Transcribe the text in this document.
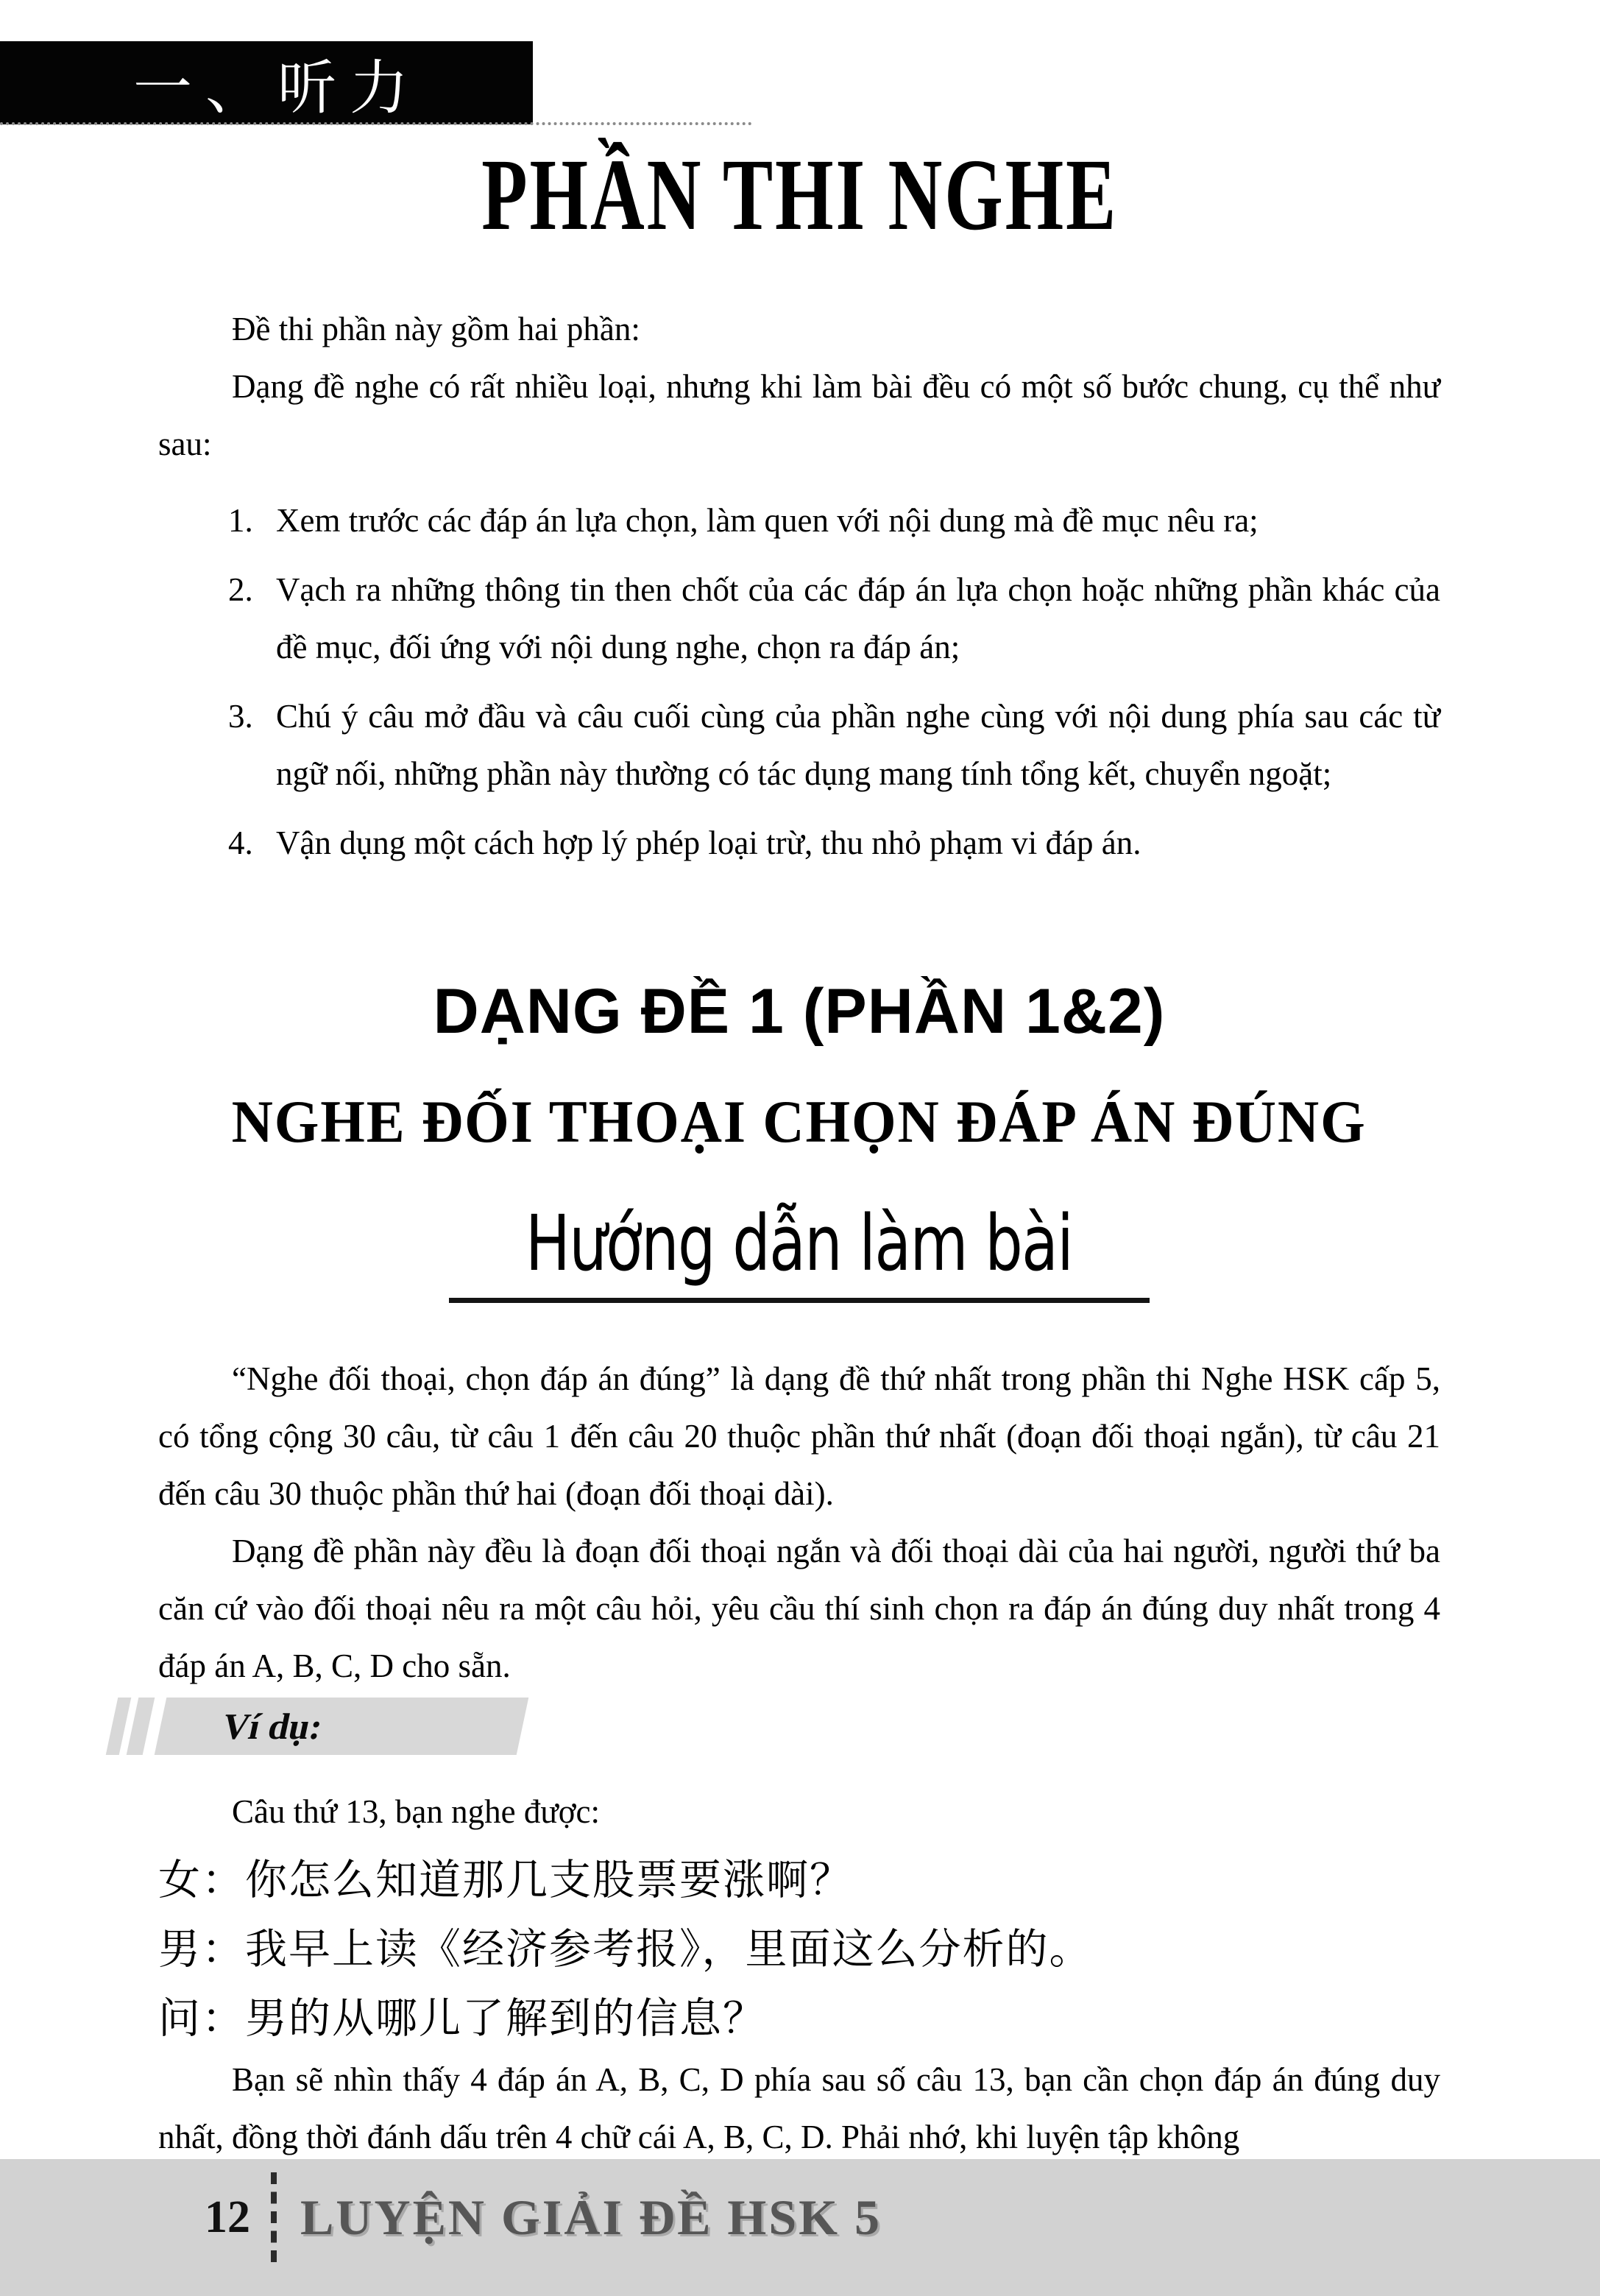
一、听力
PHẦN THI NGHE

Đề thi phần này gồm hai phần:

Dạng đề nghe có rất nhiều loại, nhưng khi làm bài đều có một số bước chung, cụ thể như sau:

1. Xem trước các đáp án lựa chọn, làm quen với nội dung mà đề mục nêu ra;
2. Vạch ra những thông tin then chốt của các đáp án lựa chọn hoặc những phần khác của đề mục, đối ứng với nội dung nghe, chọn ra đáp án;
3. Chú ý câu mở đầu và câu cuối cùng của phần nghe cùng với nội dung phía sau các từ ngữ nối, những phần này thường có tác dụng mang tính tổng kết, chuyển ngoặt;
4. Vận dụng một cách hợp lý phép loại trừ, thu nhỏ phạm vi đáp án.
DẠNG ĐỀ 1 (PHẦN 1&2)
NGHE ĐỐI THOẠI CHỌN ĐÁP ÁN ĐÚNG
Hướng dẫn làm bài

“Nghe đối thoại, chọn đáp án đúng” là dạng đề thứ nhất trong phần thi Nghe HSK cấp 5, có tổng cộng 30 câu, từ câu 1 đến câu 20 thuộc phần thứ nhất (đoạn đối thoại ngắn), từ câu 21 đến câu 30 thuộc phần thứ hai (đoạn đối thoại dài).

Dạng đề phần này đều là đoạn đối thoại ngắn và đối thoại dài của hai người, người thứ ba căn cứ vào đối thoại nêu ra một câu hỏi, yêu cầu thí sinh chọn ra đáp án đúng duy nhất trong 4 đáp án A, B, C, D cho sẵn.

Ví dụ:

Câu thứ 13, bạn nghe được:

女：你怎么知道那几支股票要涨啊？

男：我早上读《经济参考报》，里面这么分析的。

问：男的从哪儿了解到的信息？

Bạn sẽ nhìn thấy 4 đáp án A, B, C, D phía sau số câu 13, bạn cần chọn đáp án đúng duy nhất, đồng thời đánh dấu trên 4 chữ cái A, B, C, D. Phải nhớ, khi luyện tập không

12 LUYỆN GIẢI ĐỀ HSK 5
